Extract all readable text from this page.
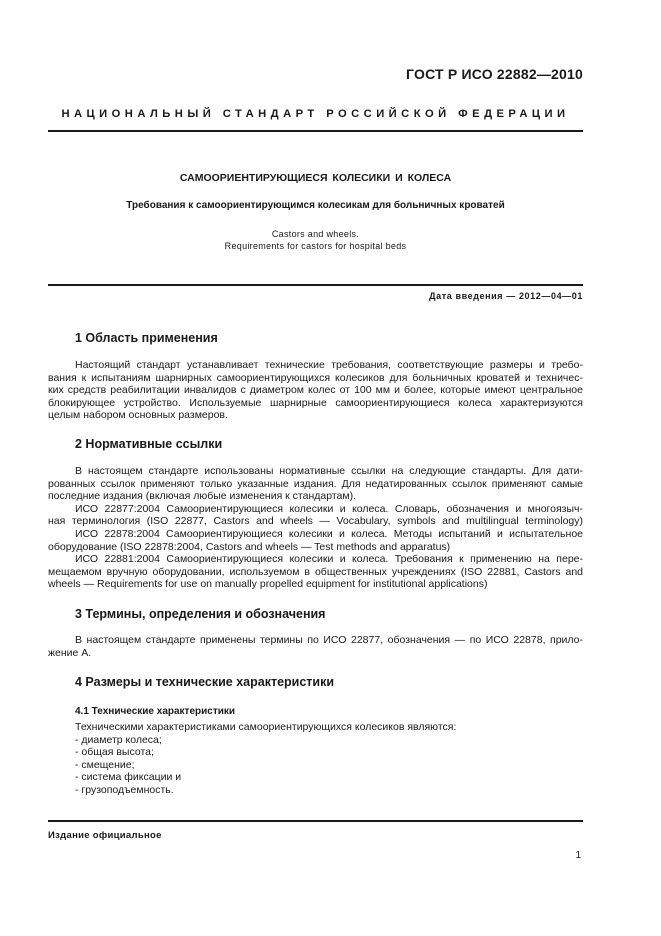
ГОСТ Р ИСО 22882—2010
НАЦИОНАЛЬНЫЙ СТАНДАРТ РОССИЙСКОЙ ФЕДЕРАЦИИ
САМООРИЕНТИРУЮЩИЕСЯ КОЛЕСИКИ И КОЛЕСА
Требования к самоориентирующимся колесикам для больничных кроватей
Castors and wheels.
Requirements for castors for hospital beds
Дата введения — 2012—04—01
1 Область применения
Настоящий стандарт устанавливает технические требования, соответствующие размеры и требо-
вания к испытаниям шарнирных самоориентирующихся колесиков для больничных кроватей и техничес-
ких средств реабилитации инвалидов с диаметром колес от 100 мм и более, которые имеют центральное
блокирующее устройство. Используемые шарнирные самоориентирующиеся колеса характеризуются
целым набором основных размеров.
2 Нормативные ссылки
В настоящем стандарте использованы нормативные ссылки на следующие стандарты. Для дати-
рованных ссылок применяют только указанные издания. Для недатированных ссылок применяют самые
последние издания (включая любые изменения к стандартам).
ИСО 22877:2004 Самоориентирующиеся колесики и колеса. Словарь, обозначения и многоязыч-
ная терминология (ISO 22877, Castors and wheels — Vocabulary, symbols and multilingual terminology)
ИСО 22878:2004 Самоориентирующиеся колесики и колеса. Методы испытаний и испытательное
оборудование (ISO 22878:2004, Castors and wheels — Test methods and apparatus)
ИСО 22881:2004 Самоориентирующиеся колесики и колеса. Требования к применению на пере-
мещаемом вручную оборудовании, используемом в общественных учреждениях (ISO 22881, Castors and
wheels — Requirements for use on manually propelled equipment for institutional applications)
3 Термины, определения и обозначения
В настоящем стандарте применены термины по ИСО 22877, обозначения — по ИСО 22878, прило-
жение А.
4 Размеры и технические характеристики
4.1 Технические характеристики
Техническими характеристиками самоориентирующихся колесиков являются:
- диаметр колеса;
- общая высота;
- смещение;
- система фиксации и
- грузоподъемность.
Издание официальное
1
